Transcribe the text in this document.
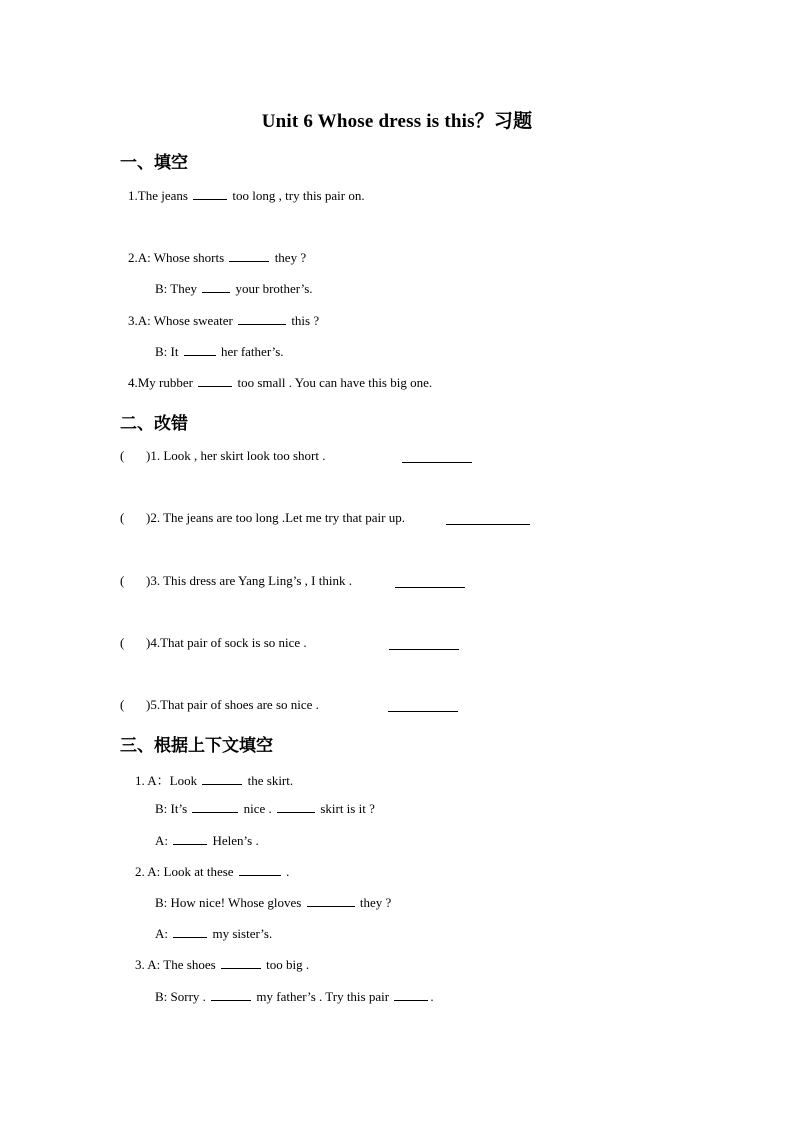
Unit 6 Whose dress is this？习题
一、填空
1.The jeans	too long , try this pair on.
2.A: Whose shorts	they ?
B: They	your brother’s.
3.A: Whose sweater	this ?
B: It	her father’s.
4.My rubber	too small . You can have this big one.
二、改错
( )1. Look , her skirt look too short .
( )2. The jeans are too long .Let me try that pair up.
( )3. This dress are Yang Ling’s , I think .
( )4.That pair of sock is so nice .
( )5.That pair of shoes are so nice .
三、根据上下文填空
1. A：Look	the skirt.
B: It’s	nice .	skirt is it ?
A:	Helen’s .
2. A: Look at these	.
B: How nice! Whose gloves	they ?
A:	my sister’s.
3. A: The shoes	too big .
B: Sorry .	my father’s . Try this pair	.
